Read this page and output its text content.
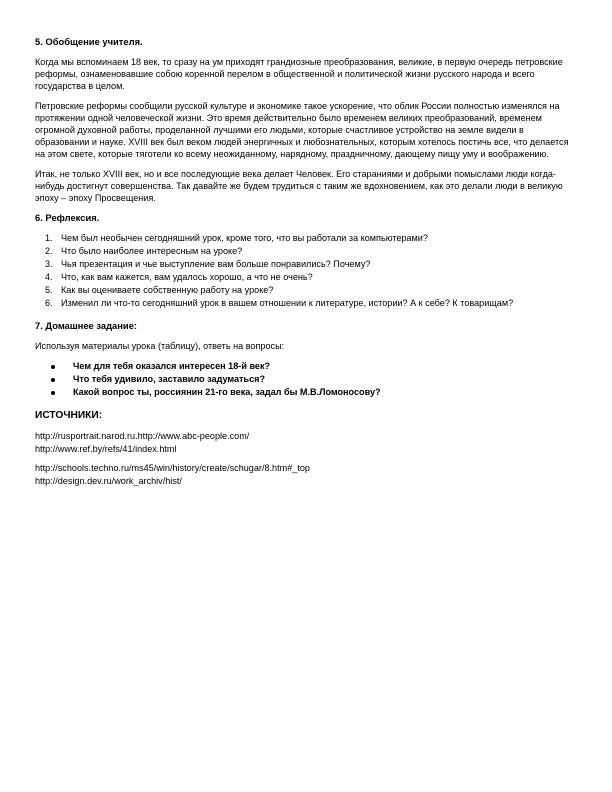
5. Обобщение учителя.

Когда мы вспоминаем 18 век, то сразу на ум приходят грандиозные преобразования, великие, в первую очередь петровские реформы, ознаменовавшие собою коренной перелом в общественной и политической жизни русского народа и всего государства в целом.

Петровские реформы сообщили русской культуре и экономике такое ускорение, что облик России полностью изменялся на протяжении одной человеческой жизни. Это время действительно было временем великих преобразований, временем огромной духовной работы, проделанной лучшими его людьми, которые счастливое устройство на земле видели в образовании и науке. XVIII век был веком людей энергичных и любознательных, которым хотелось постичь все, что делается на этом свете, которые тяготели ко всему неожиданному, нарядному, праздничному, дающему пищу уму и воображению.

Итак, не только XVIII век, но и все последующие века делает Человек. Его стараниями и добрыми помыслами люди когда-нибудь достигнут совершенства. Так давайте же будем трудиться с таким же вдохновением, как это делали люди в великую эпоху – эпоху Просвещения.

6. Рефлексия.
1. Чем был необычен сегодняшний урок, кроме того, что вы работали за компьютерами?
2. Что было наиболее интересным на уроке?
3. Чья презентация и чье выступление вам больше понравились? Почему?
4. Что, как вам кажется, вам удалось хорошо, а что не очень?
5. Как вы оцениваете собственную работу на уроке?
6. Изменил ли что-то сегодняшний урок в вашем отношении к литературе, истории? А к себе? К товарищам?
7. Домашнее задание:

Используя материалы урока (таблицу), ответь на вопросы:

Чем для тебя оказался интересен 18-й век?
Что тебя удивило, заставило задуматься?
Какой вопрос ты, россиянин 21-го века, задал бы М.В.Ломоносову?
ИСТОЧНИКИ:
http://rusportrait.narod.ru.http://www.abc-people.com/
http://www.ref.by/refs/41/index.html
http://schools.techno.ru/ms45/win/history/create/schugar/8.htm#_top
http://design.dev.ru/work_archiv/hist/
